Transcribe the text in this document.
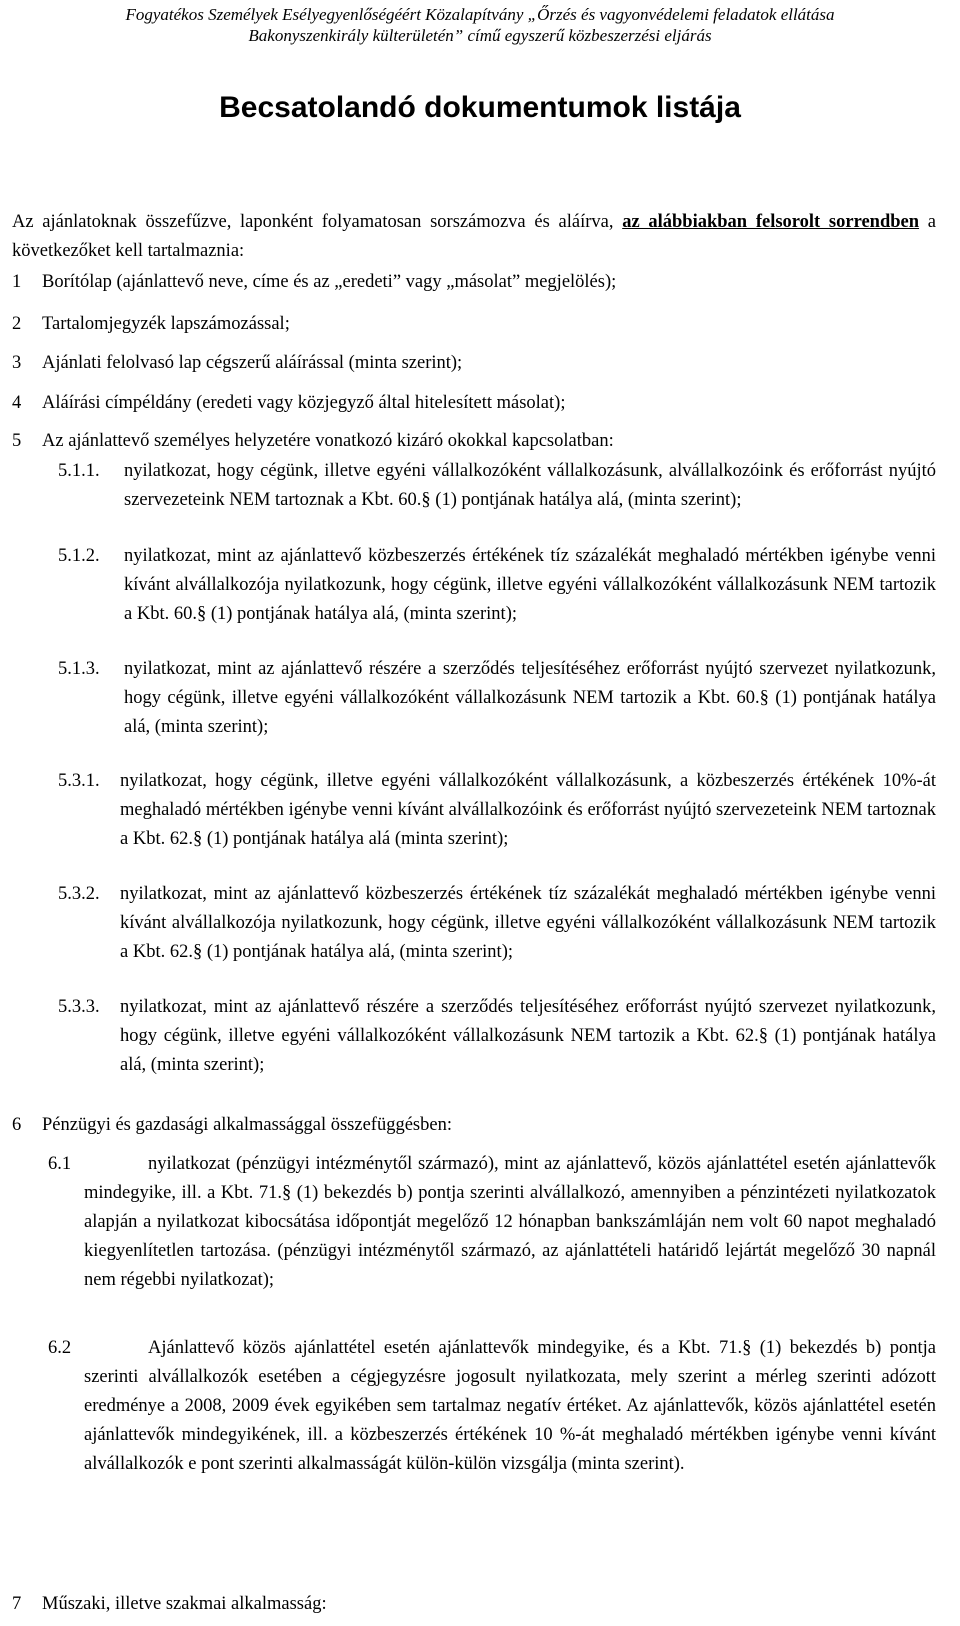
Fogyatékos Személyek Esélyegyenlőségéért Közalapítvány „Őrzés és vagyonvédelemi feladatok ellátása
Bakonyszenkirály külterületén” című egyszerű közbeszerzési eljárás
Becsatolandó dokumentumok listája
Az ajánlatoknak összefűzve, laponként folyamatosan sorszámozva és aláírva, az alábbiakban felsorolt sorrendben a következőket kell tartalmaznia:
1 Borítólap (ajánlattevő neve, címe és az „eredeti” vagy „másolat” megjelölés);
2 Tartalomjegyzék lapszámozással;
3 Ajánlati felolvasó lap cégszerű aláírással (minta szerint);
4 Aláírási címpéldány (eredeti vagy közjegyző által hitelesített másolat);
5 Az ajánlattevő személyes helyzetére vonatkozó kizáró okokkal kapcsolatban:
5.1.1. nyilatkozat, hogy cégünk, illetve egyéni vállalkozóként vállalkozásunk, alvállalkozóink és erőforrást nyújtó szervezeteink NEM tartoznak a Kbt. 60.§ (1) pontjának hatálya alá, (minta szerint);
5.1.2. nyilatkozat, mint az ajánlattevő közbeszerzés értékének tíz százalékát meghaladó mértékben igénybe venni kívánt alvállalkozója nyilatkozunk, hogy cégünk, illetve egyéni vállalkozóként vállalkozásunk NEM tartozik a Kbt. 60.§ (1) pontjának hatálya alá, (minta szerint);
5.1.3. nyilatkozat, mint az ajánlattevő részére a szerződés teljesítéséhez erőforrást nyújtó szervezet nyilatkozunk, hogy cégünk, illetve egyéni vállalkozóként vállalkozásunk NEM tartozik a Kbt. 60.§ (1) pontjának hatálya alá, (minta szerint);
5.3.1. nyilatkozat, hogy cégünk, illetve egyéni vállalkozóként vállalkozásunk, a közbeszerzés értékének 10%-át meghaladó mértékben igénybe venni kívánt alvállalkozóink és erőforrást nyújtó szervezeteink NEM tartoznak a Kbt. 62.§ (1) pontjának hatálya alá (minta szerint);
5.3.2. nyilatkozat, mint az ajánlattevő közbeszerzés értékének tíz százalékát meghaladó mértékben igénybe venni kívánt alvállalkozója nyilatkozunk, hogy cégünk, illetve egyéni vállalkozóként vállalkozásunk NEM tartozik a Kbt. 62.§ (1) pontjának hatálya alá, (minta szerint);
5.3.3. nyilatkozat, mint az ajánlattevő részére a szerződés teljesítéséhez erőforrást nyújtó szervezet nyilatkozunk, hogy cégünk, illetve egyéni vállalkozóként vállalkozásunk NEM tartozik a Kbt. 62.§ (1) pontjának hatálya alá, (minta szerint);
6 Pénzügyi és gazdasági alkalmassággal összefüggésben:
6.1	nyilatkozat (pénzügyi intézménytől származó), mint az ajánlattevő, közös ajánlattétel esetén ajánlattevők mindegyike, ill. a Kbt. 71.§ (1) bekezdés b) pontja szerinti alvállalkozó, amennyiben a pénzintézeti nyilatkozatok alapján a nyilatkozat kibocsátása időpontját megelőző 12 hónapban bankszámláján nem volt 60 napot meghaladó kiegyenlítetlen tartozása. (pénzügyi intézménytől származó, az ajánlattételi határidő lejártát megelőző 30 napnál nem régebbi nyilatkozat);
6.2	Ajánlattevő közös ajánlattétel esetén ajánlattevők mindegyike, és a Kbt. 71.§ (1) bekezdés b) pontja szerinti alvállalkozók esetében a cégjegyzésre jogosult nyilatkozata, mely szerint a mérleg szerinti adózott eredménye a 2008, 2009 évek egyikében sem tartalmaz negatív értéket. Az ajánlattevők, közös ajánlattétel esetén ajánlattevők mindegyikének, ill. a közbeszerzés értékének 10 %-át meghaladó mértékben igénybe venni kívánt alvállalkozók e pont szerinti alkalmasságát külön-külön vizsgálja (minta szerint).
7 Műszaki, illetve szakmai alkalmasság:
